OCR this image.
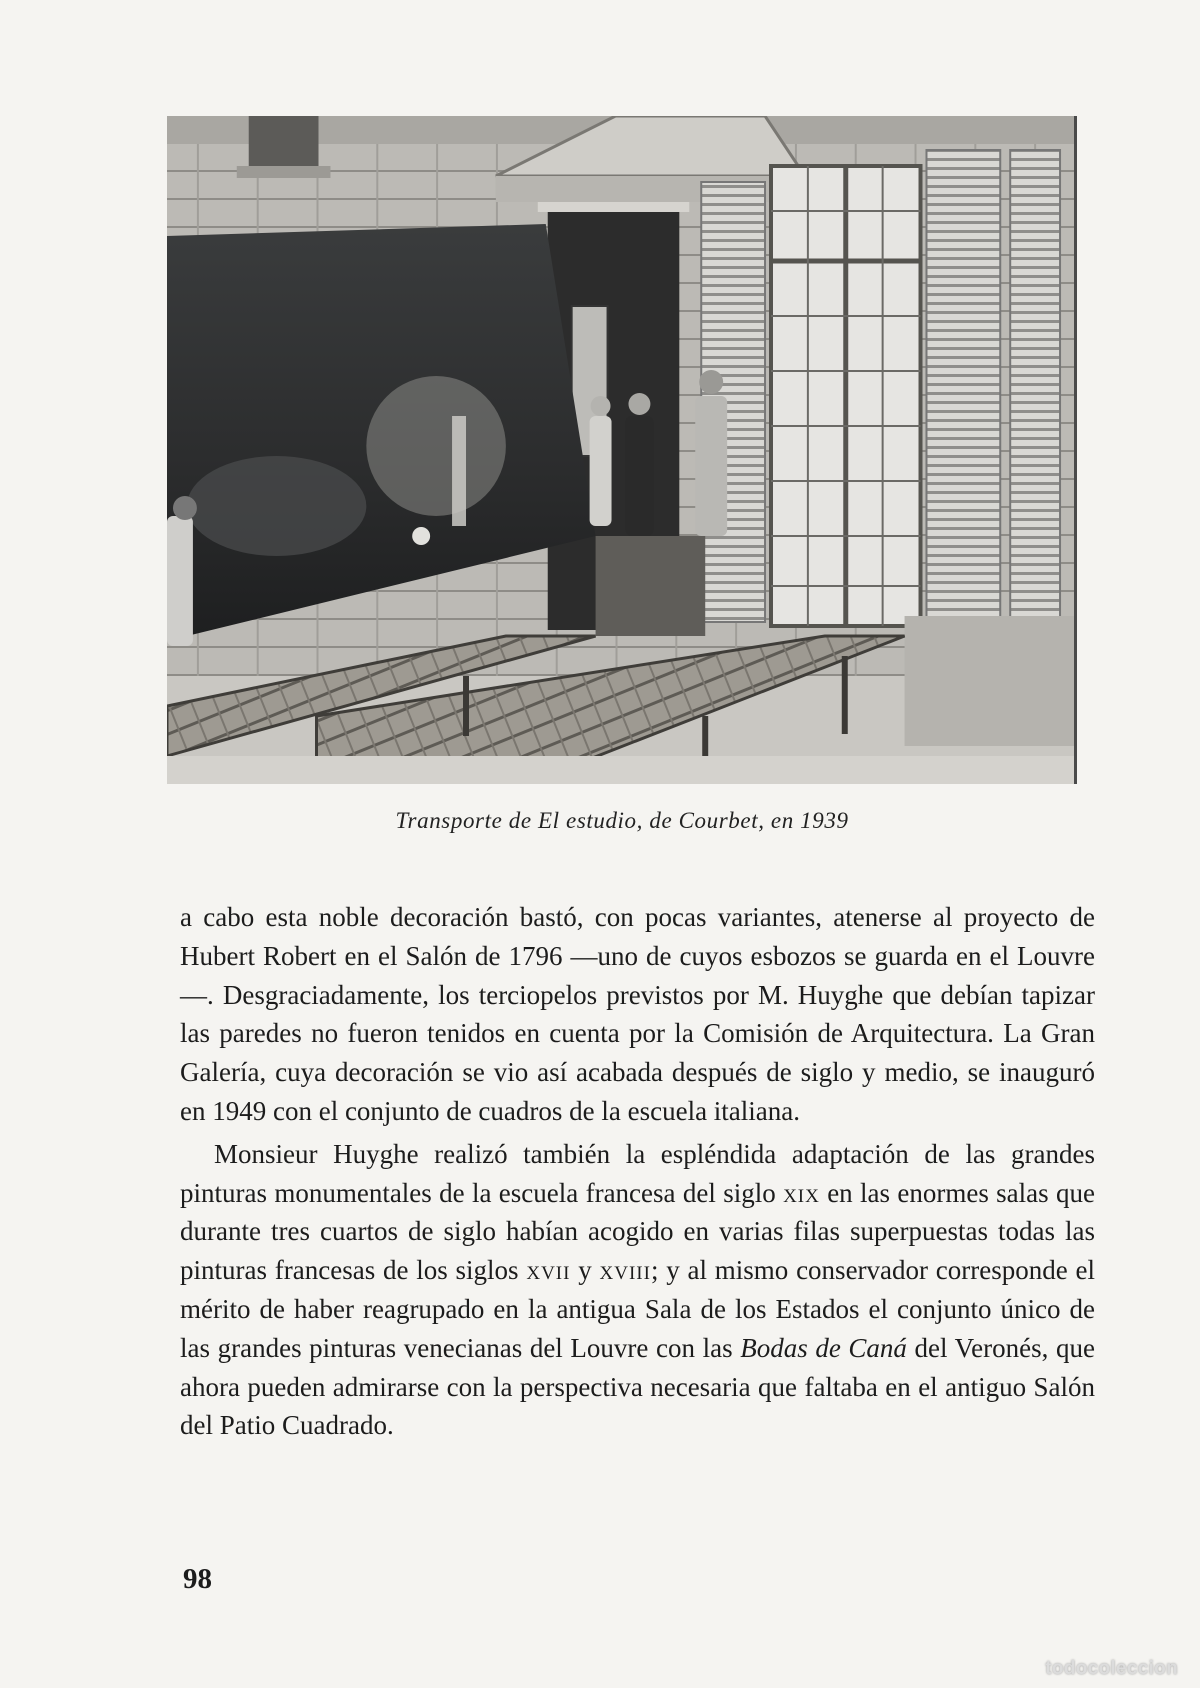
Transporte de El estudio, de Courbet, en 1939

a cabo esta noble decoración bastó, con pocas variantes, atenerse al proyecto de Hubert Robert en el Salón de 1796 —uno de cuyos esbozos se guarda en el Louvre—. Desgraciadamente, los terciopelos previstos por M. Huyghe que debían tapizar las paredes no fueron tenidos en cuenta por la Comisión de Arquitectura. La Gran Galería, cuya decoración se vio así acabada después de siglo y medio, se inauguró en 1949 con el conjunto de cuadros de la escuela italiana.

Monsieur Huyghe realizó también la espléndida adaptación de las grandes pinturas monumentales de la escuela francesa del siglo xix en las enormes salas que durante tres cuartos de siglo habían acogido en varias filas superpuestas todas las pinturas francesas de los siglos xvii y xviii; y al mismo conservador corresponde el mérito de haber reagrupado en la antigua Sala de los Estados el conjunto único de las grandes pinturas venecianas del Louvre con las Bodas de Caná del Veronés, que ahora pueden admirarse con la perspectiva necesaria que faltaba en el antiguo Salón del Patio Cuadrado.

98
todocoleccion
